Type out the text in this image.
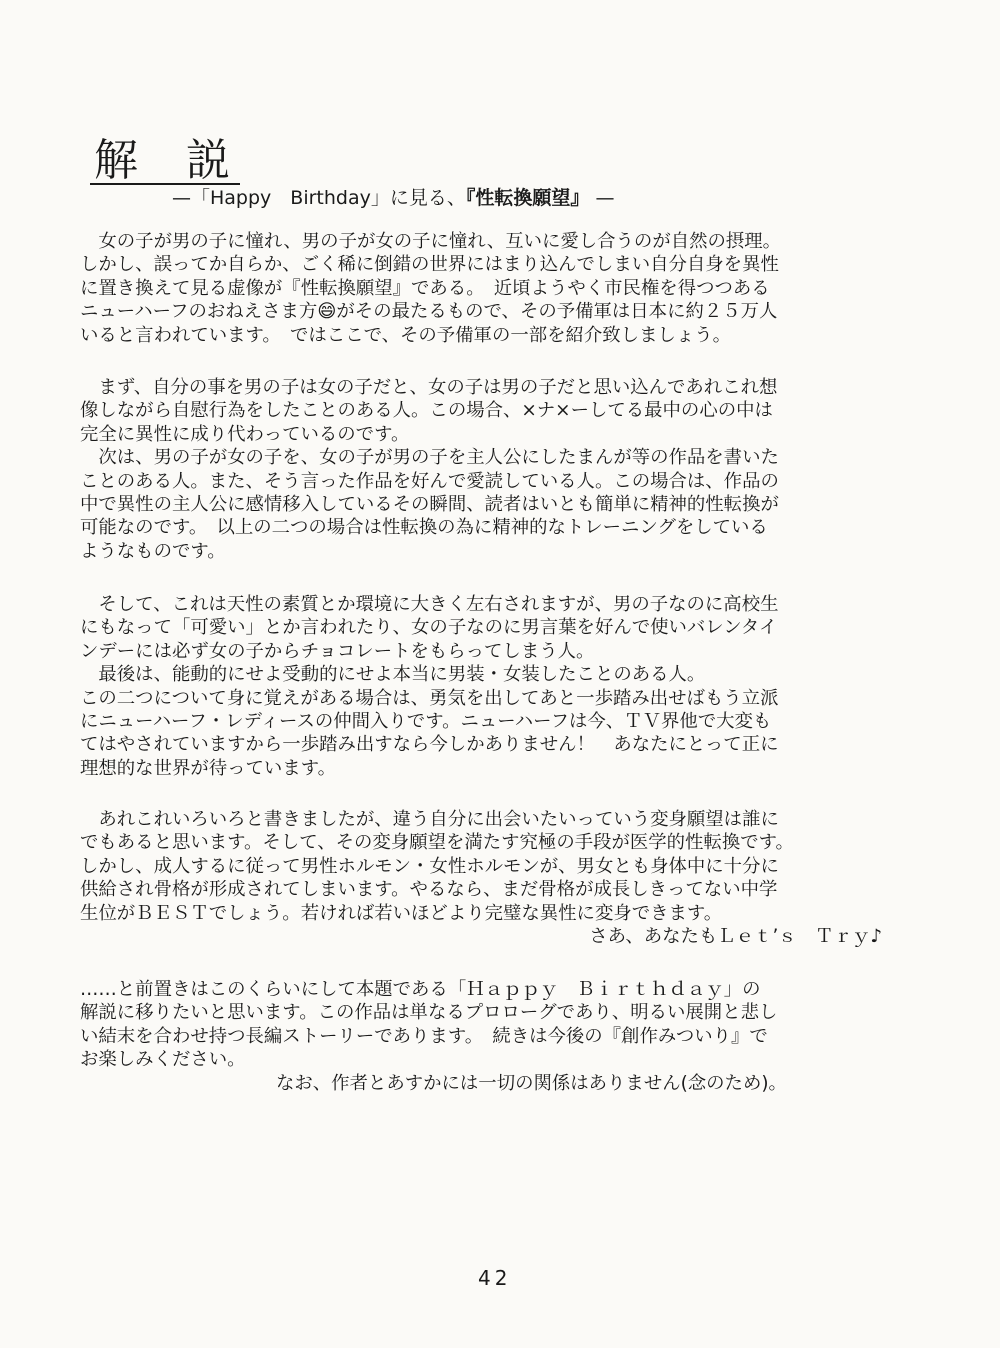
解説
—「Happy　Birthday」に見る、『性転換願望』 —
　女の子が男の子に憧れ、男の子が女の子に憧れ、互いに愛し合うのが自然の摂理。
しかし、誤ってか自らか、ごく稀に倒錯の世界にはまり込んでしまい自分自身を異性
に置き換えて見る虚像が『性転換願望』である。　近頃ようやく市民権を得つつある
ニューハーフのおねえさま方😄がその最たるもので、その予備軍は日本に約２５万人
いると言われています。　ではここで、その予備軍の一部を紹介致しましょう。
　まず、自分の事を男の子は女の子だと、女の子は男の子だと思い込んであれこれ想
像しながら自慰行為をしたことのある人。この場合、×ナ×ーしてる最中の心の中は
完全に異性に成り代わっているのです。
　次は、男の子が女の子を、女の子が男の子を主人公にしたまんが等の作品を書いた
ことのある人。また、そう言った作品を好んで愛読している人。この場合は、作品の
中で異性の主人公に感情移入しているその瞬間、読者はいとも簡単に精神的性転換が
可能なのです。　以上の二つの場合は性転換の為に精神的なトレーニングをしている
ようなものです。
　そして、これは天性の素質とか環境に大きく左右されますが、男の子なのに高校生
にもなって「可愛い」とか言われたり、女の子なのに男言葉を好んで使いバレンタイ
ンデーには必ず女の子からチョコレートをもらってしまう人。
　最後は、能動的にせよ受動的にせよ本当に男装・女装したことのある人。
この二つについて身に覚えがある場合は、勇気を出してあと一歩踏み出せばもう立派
にニューハーフ・レディースの仲間入りです。ニューハーフは今、ＴＶ界他で大変も
てはやされていますから一歩踏み出すなら今しかありません！　あなたにとって正に
理想的な世界が待っています。
　あれこれいろいろと書きましたが、違う自分に出会いたいっていう変身願望は誰に
でもあると思います。そして、その変身願望を満たす究極の手段が医学的性転換です。
しかし、成人するに従って男性ホルモン・女性ホルモンが、男女とも身体中に十分に
供給され骨格が形成されてしまいます。やるなら、まだ骨格が成長しきってない中学
生位がＢＥＳＴでしょう。若ければ若いほどより完璧な異性に変身できます。
さあ、あなたもＬｅｔ’ｓ　Ｔｒｙ♪
……と前置きはこのくらいにして本題である「Ｈａｐｐｙ　Ｂｉｒｔｈｄａｙ」の
解説に移りたいと思います。この作品は単なるプロローグであり、明るい展開と悲し
い結末を合わせ持つ長編ストーリーであります。　続きは今後の『創作みついり』で
お楽しみください。
なお、作者とあすかには一切の関係はありません(念のため)。
42
